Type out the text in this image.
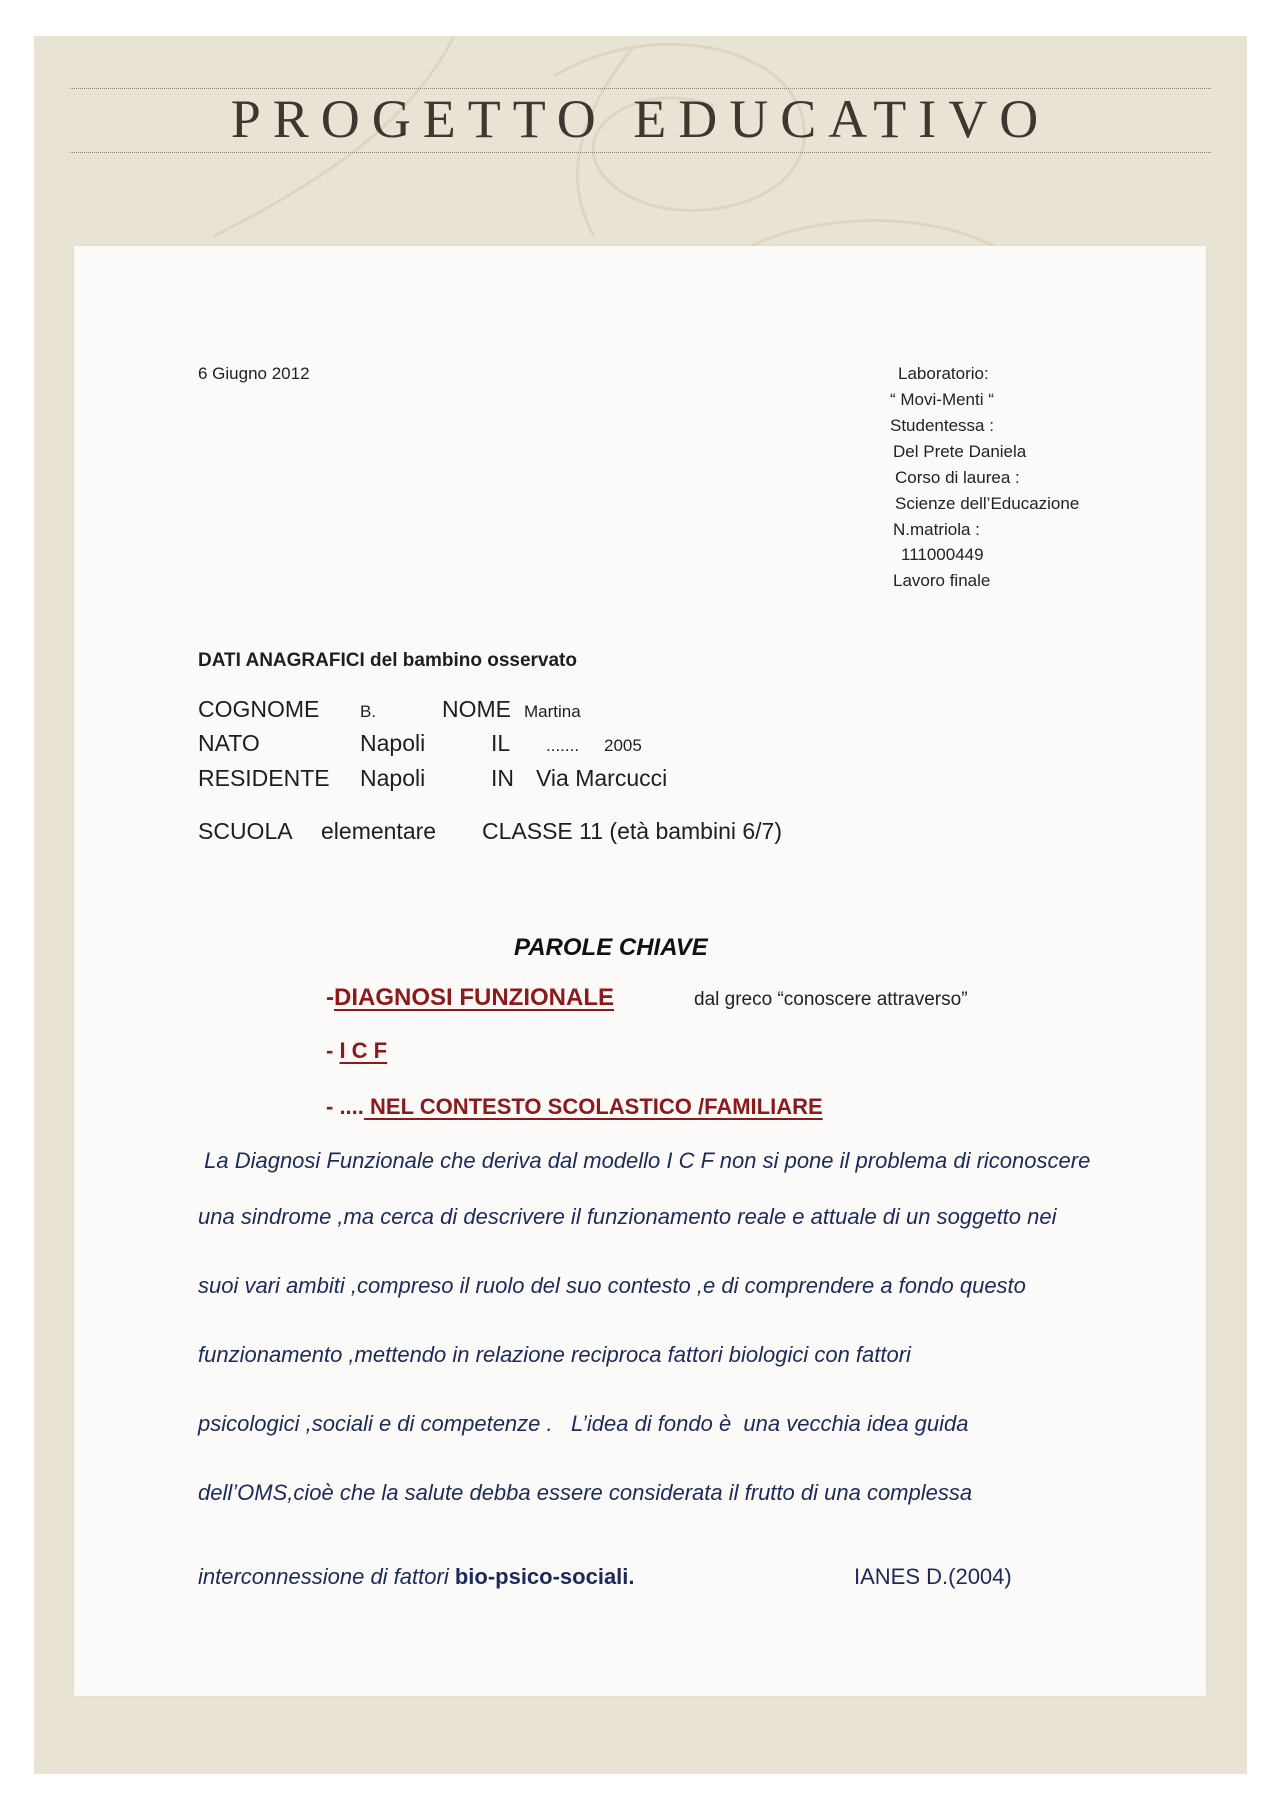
PROGETTO EDUCATIVO
6 Giugno 2012	Laboratorio:
“ Movi-Menti “
Studentessa :
Del Prete Daniela
Corso di laurea :
Scienze dell’Educazione
N.matriola :
111000449
Lavoro finale
DATI ANAGRAFICI del bambino osservato
COGNOME B.	NOME Martina
NATO	Napoli	IL ....... 2005
RESIDENTE Napoli	IN Via Marcucci
SCUOLA elementare CLASSE 11 (età bambini 6/7)
PAROLE CHIAVE
-DIAGNOSI FUNZIONALE	dal greco “conoscere attraverso”
- I C F
- .... NEL CONTESTO SCOLASTICO /FAMILIARE
La Diagnosi Funzionale che deriva dal modello I C F non si pone il problema di riconoscere
una sindrome ,ma cerca di descrivere il funzionamento reale e attuale di un soggetto nei
suoi vari ambiti ,compreso il ruolo del suo contesto ,e di comprendere a fondo questo
funzionamento ,mettendo in relazione reciproca fattori biologici con fattori
psicologici ,sociali e di competenze .   L’idea di fondo è  una vecchia idea guida
dell’OMS,cioè che la salute debba essere considerata il frutto di una complessa
interconnessione di fattori bio-psico-sociali.	IANES D.(2004)
